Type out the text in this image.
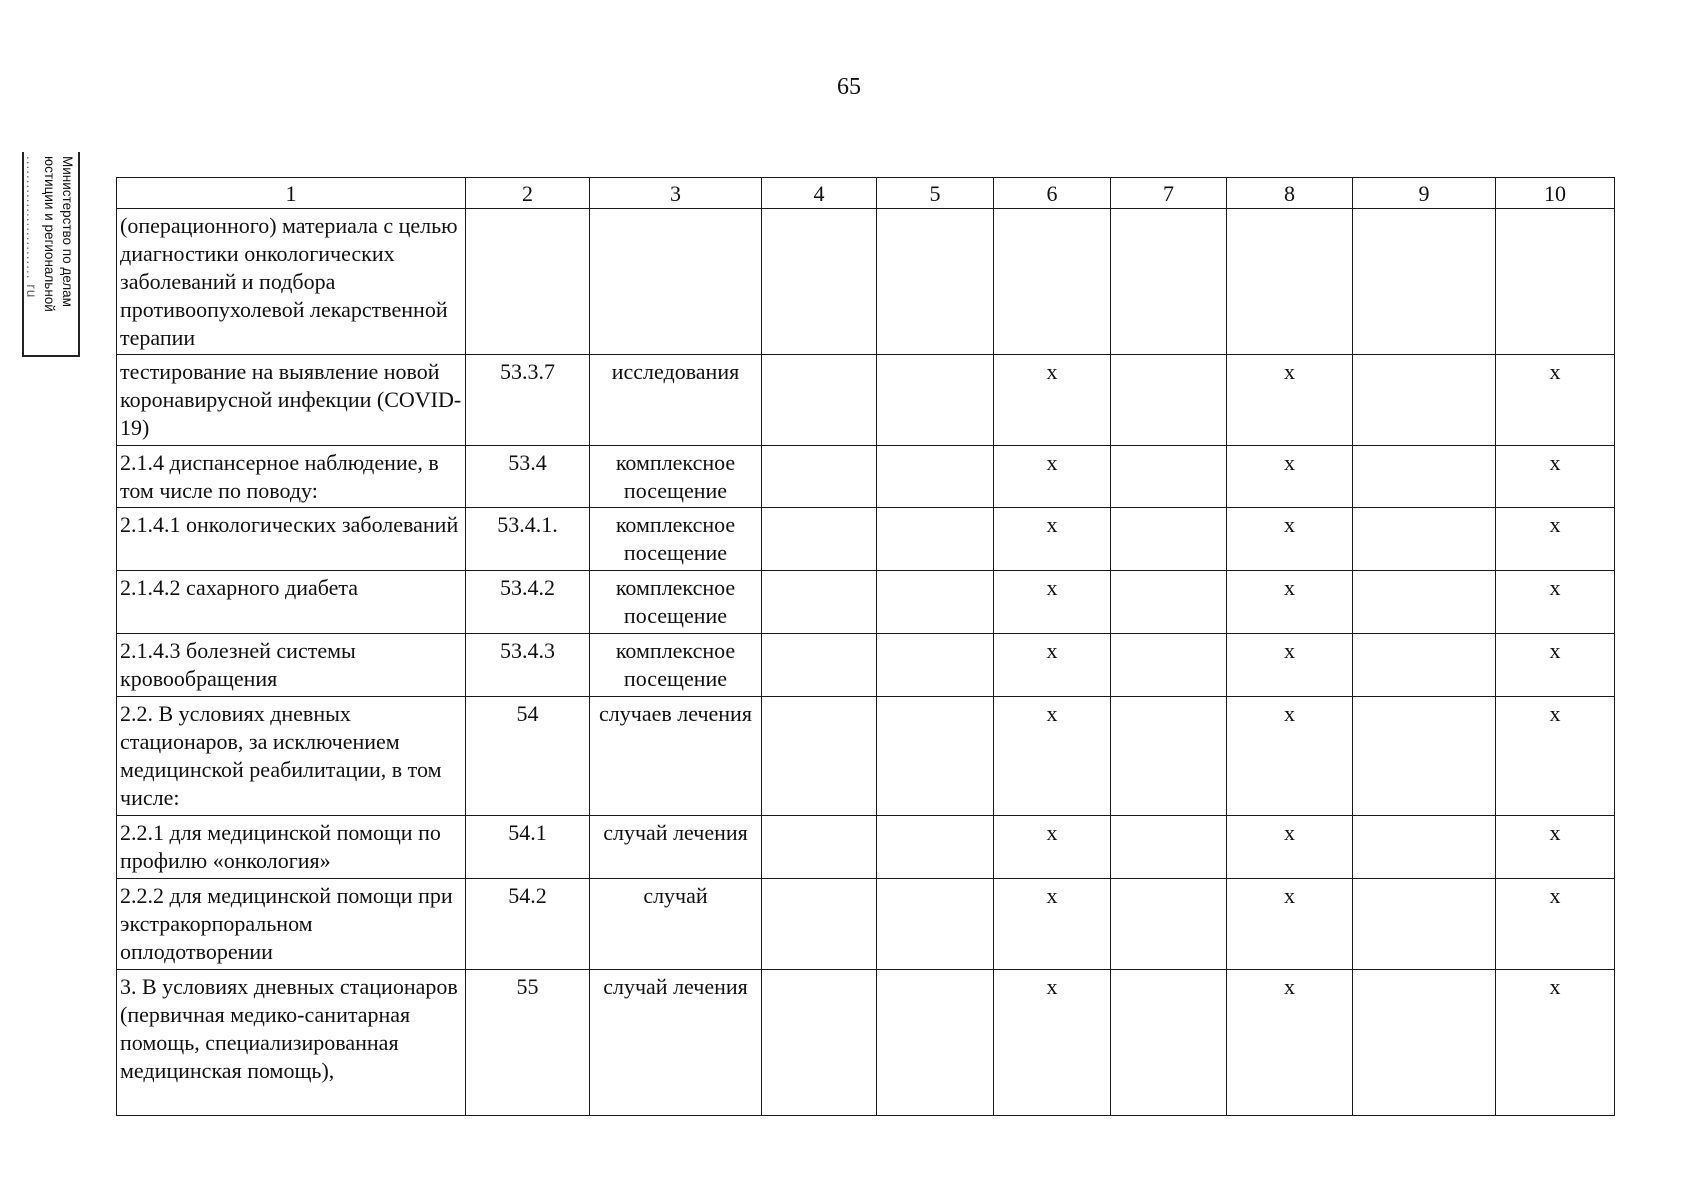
65
Министерство по делам
юстиции и региональной
.......................... ru	1	2	3	4	5	6	7	8	9	10
(операционного) материала с целью диагностики онкологических заболеваний и подбора противоопухолевой лекарственной терапии									
тестирование на выявление новой коронавирусной инфекции (COVID-19)	53.3.7	исследования			х		х		х
2.1.4 диспансерное наблюдение, в том числе по поводу:	53.4	комплексное посещение			х		х		х
2.1.4.1 онкологических заболеваний	53.4.1.	комплексное посещение			х		х		х
2.1.4.2 сахарного диабета	53.4.2	комплексное посещение			х		х		х
2.1.4.3 болезней системы кровообращения	53.4.3	комплексное посещение			х		х		х
2.2. В условиях дневных стационаров, за исключением медицинской реабилитации, в том числе:	54	случаев лечения			х		х		х
2.2.1 для медицинской помощи по профилю «онкология»	54.1	случай лечения			х		х		х
2.2.2 для медицинской помощи при экстракорпоральном оплодотворении	54.2	случай			х		х		х
3. В условиях дневных стационаров (первичная медико-санитарная помощь, специализированная медицинская помощь),	55	случай лечения			х		х		х
